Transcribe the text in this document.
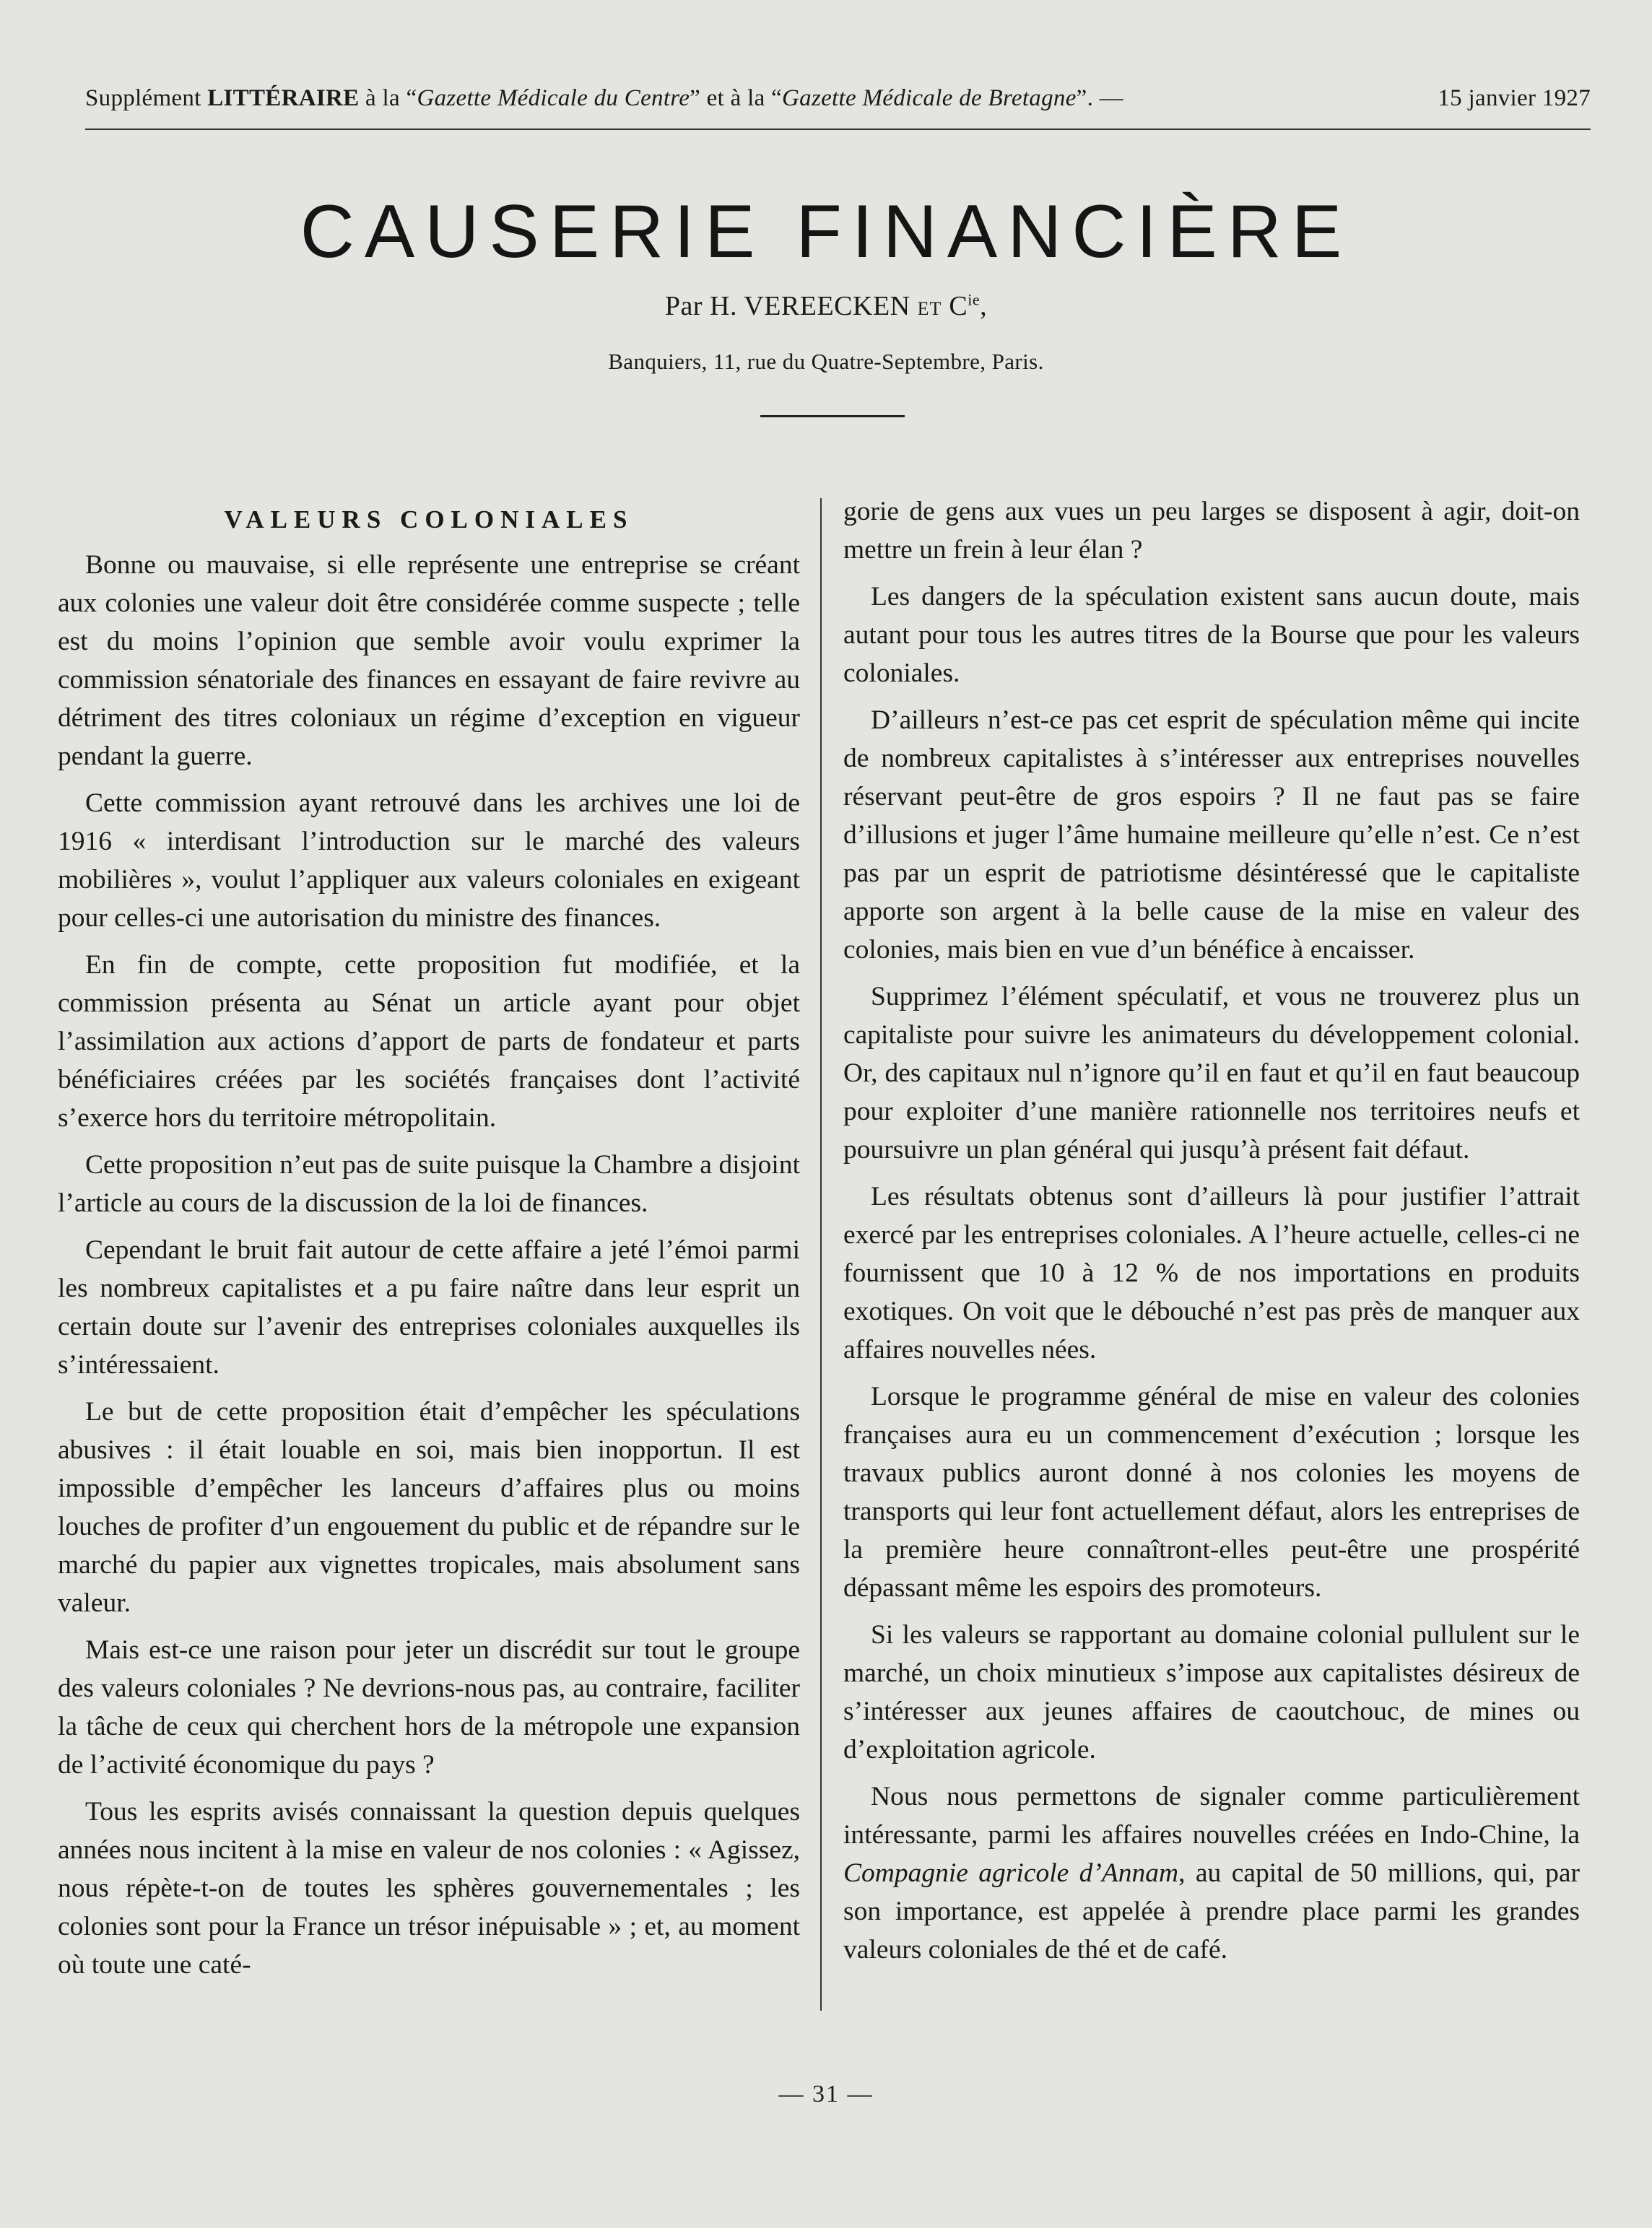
Supplément LITTÉRAIRE à la “Gazette Médicale du Centre” et à la “Gazette Médicale de Bretagne”. —	15 janvier 1927
CAUSERIE FINANCIÈRE
Par H. VEREECKEN ET $C^{ie}$,
Banquiers, 11, rue du Quatre-Septembre, Paris.
VALEURS COLONIALES

Bonne ou mauvaise, si elle représente une entreprise se créant aux colonies une valeur doit être considérée comme suspecte ; telle est du moins l’opinion que semble avoir voulu exprimer la commission sénatoriale des finances en essayant de faire revivre au détriment des titres coloniaux un régime d’exception en vigueur pendant la guerre.

Cette commission ayant retrouvé dans les archives une loi de 1916 « interdisant l’introduction sur le marché des valeurs mobilières », voulut l’appliquer aux valeurs coloniales en exigeant pour celles-ci une autorisation du ministre des finances.

En fin de compte, cette proposition fut modifiée, et la commission présenta au Sénat un article ayant pour objet l’assimilation aux actions d’apport de parts de fondateur et parts bénéficiaires créées par les sociétés françaises dont l’activité s’exerce hors du territoire métropolitain.

Cette proposition n’eut pas de suite puisque la Chambre a disjoint l’article au cours de la discussion de la loi de finances.

Cependant le bruit fait autour de cette affaire a jeté l’émoi parmi les nombreux capitalistes et a pu faire naître dans leur esprit un certain doute sur l’avenir des entreprises coloniales auxquelles ils s’intéressaient.

Le but de cette proposition était d’empêcher les spéculations abusives : il était louable en soi, mais bien inopportun. Il est impossible d’empêcher les lanceurs d’affaires plus ou moins louches de profiter d’un engouement du public et de répandre sur le marché du papier aux vignettes tropicales, mais absolument sans valeur.

Mais est-ce une raison pour jeter un discrédit sur tout le groupe des valeurs coloniales ? Ne devrions-nous pas, au contraire, faciliter la tâche de ceux qui cherchent hors de la métropole une expansion de l’activité économique du pays ?

Tous les esprits avisés connaissant la question depuis quelques années nous incitent à la mise en valeur de nos colonies : « Agissez, nous répète-t-on de toutes les sphères gouvernementales ; les colonies sont pour la France un trésor inépuisable » ; et, au moment où toute une caté-

gorie de gens aux vues un peu larges se disposent à agir, doit-on mettre un frein à leur élan ?

Les dangers de la spéculation existent sans aucun doute, mais autant pour tous les autres titres de la Bourse que pour les valeurs coloniales.

D’ailleurs n’est-ce pas cet esprit de spéculation même qui incite de nombreux capitalistes à s’intéresser aux entreprises nouvelles réservant peut-être de gros espoirs ? Il ne faut pas se faire d’illusions et juger l’âme humaine meilleure qu’elle n’est. Ce n’est pas par un esprit de patriotisme désintéressé que le capitaliste apporte son argent à la belle cause de la mise en valeur des colonies, mais bien en vue d’un bénéfice à encaisser.

Supprimez l’élément spéculatif, et vous ne trouverez plus un capitaliste pour suivre les animateurs du développement colonial. Or, des capitaux nul n’ignore qu’il en faut et qu’il en faut beaucoup pour exploiter d’une manière rationnelle nos territoires neufs et poursuivre un plan général qui jusqu’à présent fait défaut.

Les résultats obtenus sont d’ailleurs là pour justifier l’attrait exercé par les entreprises coloniales. A l’heure actuelle, celles-ci ne fournissent que 10 à 12 % de nos importations en produits exotiques. On voit que le débouché n’est pas près de manquer aux affaires nouvelles nées.

Lorsque le programme général de mise en valeur des colonies françaises aura eu un commencement d’exécution ; lorsque les travaux publics auront donné à nos colonies les moyens de transports qui leur font actuellement défaut, alors les entreprises de la première heure connaîtront-elles peut-être une prospérité dépassant même les espoirs des promoteurs.

Si les valeurs se rapportant au domaine colonial pullulent sur le marché, un choix minutieux s’impose aux capitalistes désireux de s’intéresser aux jeunes affaires de caoutchouc, de mines ou d’exploitation agricole.

Nous nous permettons de signaler comme particulièrement intéressante, parmi les affaires nouvelles créées en Indo-Chine, la Compagnie agricole d’Annam, au capital de 50 millions, qui, par son importance, est appelée à prendre place parmi les grandes valeurs coloniales de thé et de café.

— 31 —
